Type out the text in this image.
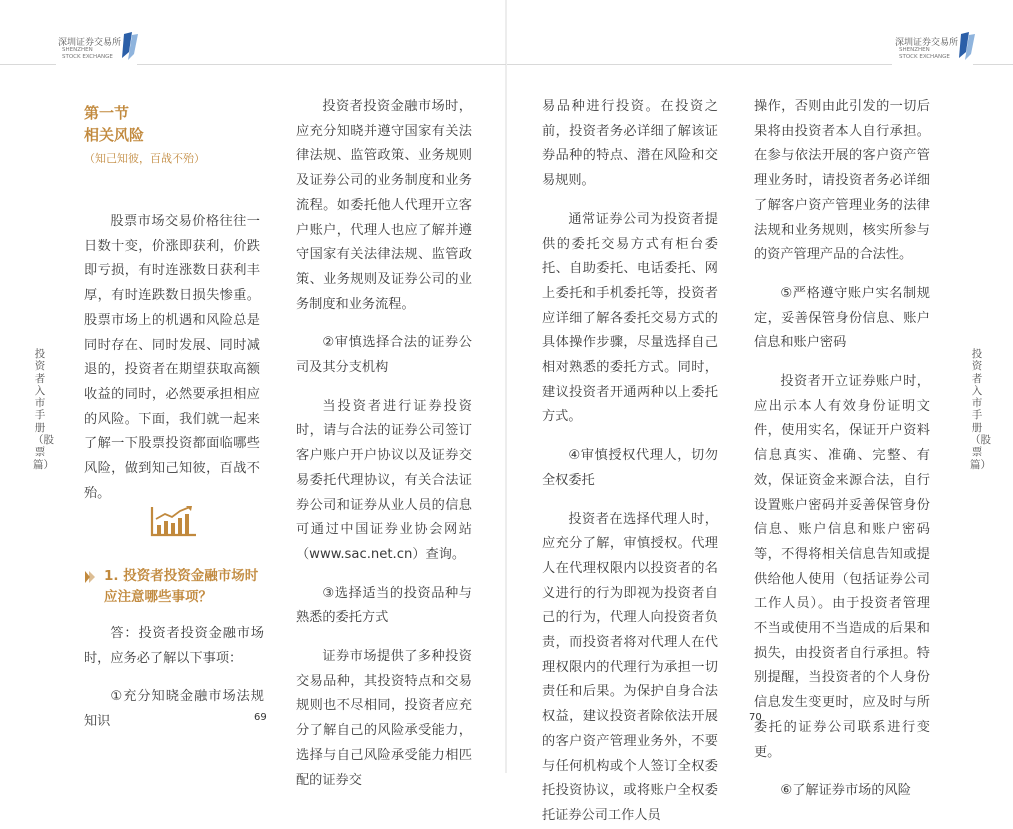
深圳证券交易所
SHENZHEN
STOCK EXCHANGE
第一节
相关风险（知己知彼，百战不殆）

股票市场交易价格往往一日数十变，价涨即获利，价跌即亏损，有时连涨数日获利丰厚，有时连跌数日损失惨重。股票市场上的机遇和风险总是同时存在、同时发展、同时减退的，投资者在期望获取高额收益的同时，必然要承担相应的风险。下面，我们就一起来了解一下股票投资都面临哪些风险，做到知己知彼，百战不殆。

1. 投资者投资金融市场时应注意哪些事项？

答：投资者投资金融市场时，应务必了解以下事项：

①充分知晓金融市场法规知识

投资者投资金融市场时，应充分知晓并遵守国家有关法律法规、监管政策、业务规则及证券公司的业务制度和业务流程。如委托他人代理开立客户账户，代理人也应了解并遵守国家有关法律法规、监管政策、业务规则及证券公司的业务制度和业务流程。

②审慎选择合法的证券公司及其分支机构

当投资者进行证券投资时，请与合法的证券公司签订客户账户开户协议以及证券交易委托代理协议，有关合法证券公司和证券从业人员的信息可通过中国证券业协会网站（www.sac.net.cn）查询。

③选择适当的投资品种与熟悉的委托方式

证券市场提供了多种投资交易品种，其投资特点和交易规则也不尽相同，投资者应充分了解自己的风险承受能力，选择与自己风险承受能力相匹配的证券交

投资者入市手册（股票篇）
69
深圳证券交易所
SHENZHEN
STOCK EXCHANGE

易品种进行投资。在投资之前，投资者务必详细了解该证券品种的特点、潜在风险和交易规则。

通常证券公司为投资者提供的委托交易方式有柜台委托、自助委托、电话委托、网上委托和手机委托等，投资者应详细了解各委托交易方式的具体操作步骤，尽量选择自己相对熟悉的委托方式。同时，建议投资者开通两种以上委托方式。

④审慎授权代理人，切勿全权委托

投资者在选择代理人时，应充分了解，审慎授权。代理人在代理权限内以投资者的名义进行的行为即视为投资者自己的行为，代理人向投资者负责，而投资者将对代理人在代理权限内的代理行为承担一切责任和后果。为保护自身合法权益，建议投资者除依法开展的客户资产管理业务外，不要与任何机构或个人签订全权委托投资协议，或将账户全权委托证券公司工作人员

操作，否则由此引发的一切后果将由投资者本人自行承担。在参与依法开展的客户资产管理业务时，请投资者务必详细了解客户资产管理业务的法律法规和业务规则，核实所参与的资产管理产品的合法性。

⑤严格遵守账户实名制规定，妥善保管身份信息、账户信息和账户密码

投资者开立证券账户时，应出示本人有效身份证明文件，使用实名，保证开户资料信息真实、准确、完整、有效，保证资金来源合法，自行设置账户密码并妥善保管身份信息、账户信息和账户密码等，不得将相关信息告知或提供给他人使用（包括证券公司工作人员）。由于投资者管理不当或使用不当造成的后果和损失，由投资者自行承担。特别提醒，当投资者的个人身份信息发生变更时，应及时与所委托的证券公司联系进行变更。

⑥了解证券市场的风险

投资者入市手册（股票篇）
70
